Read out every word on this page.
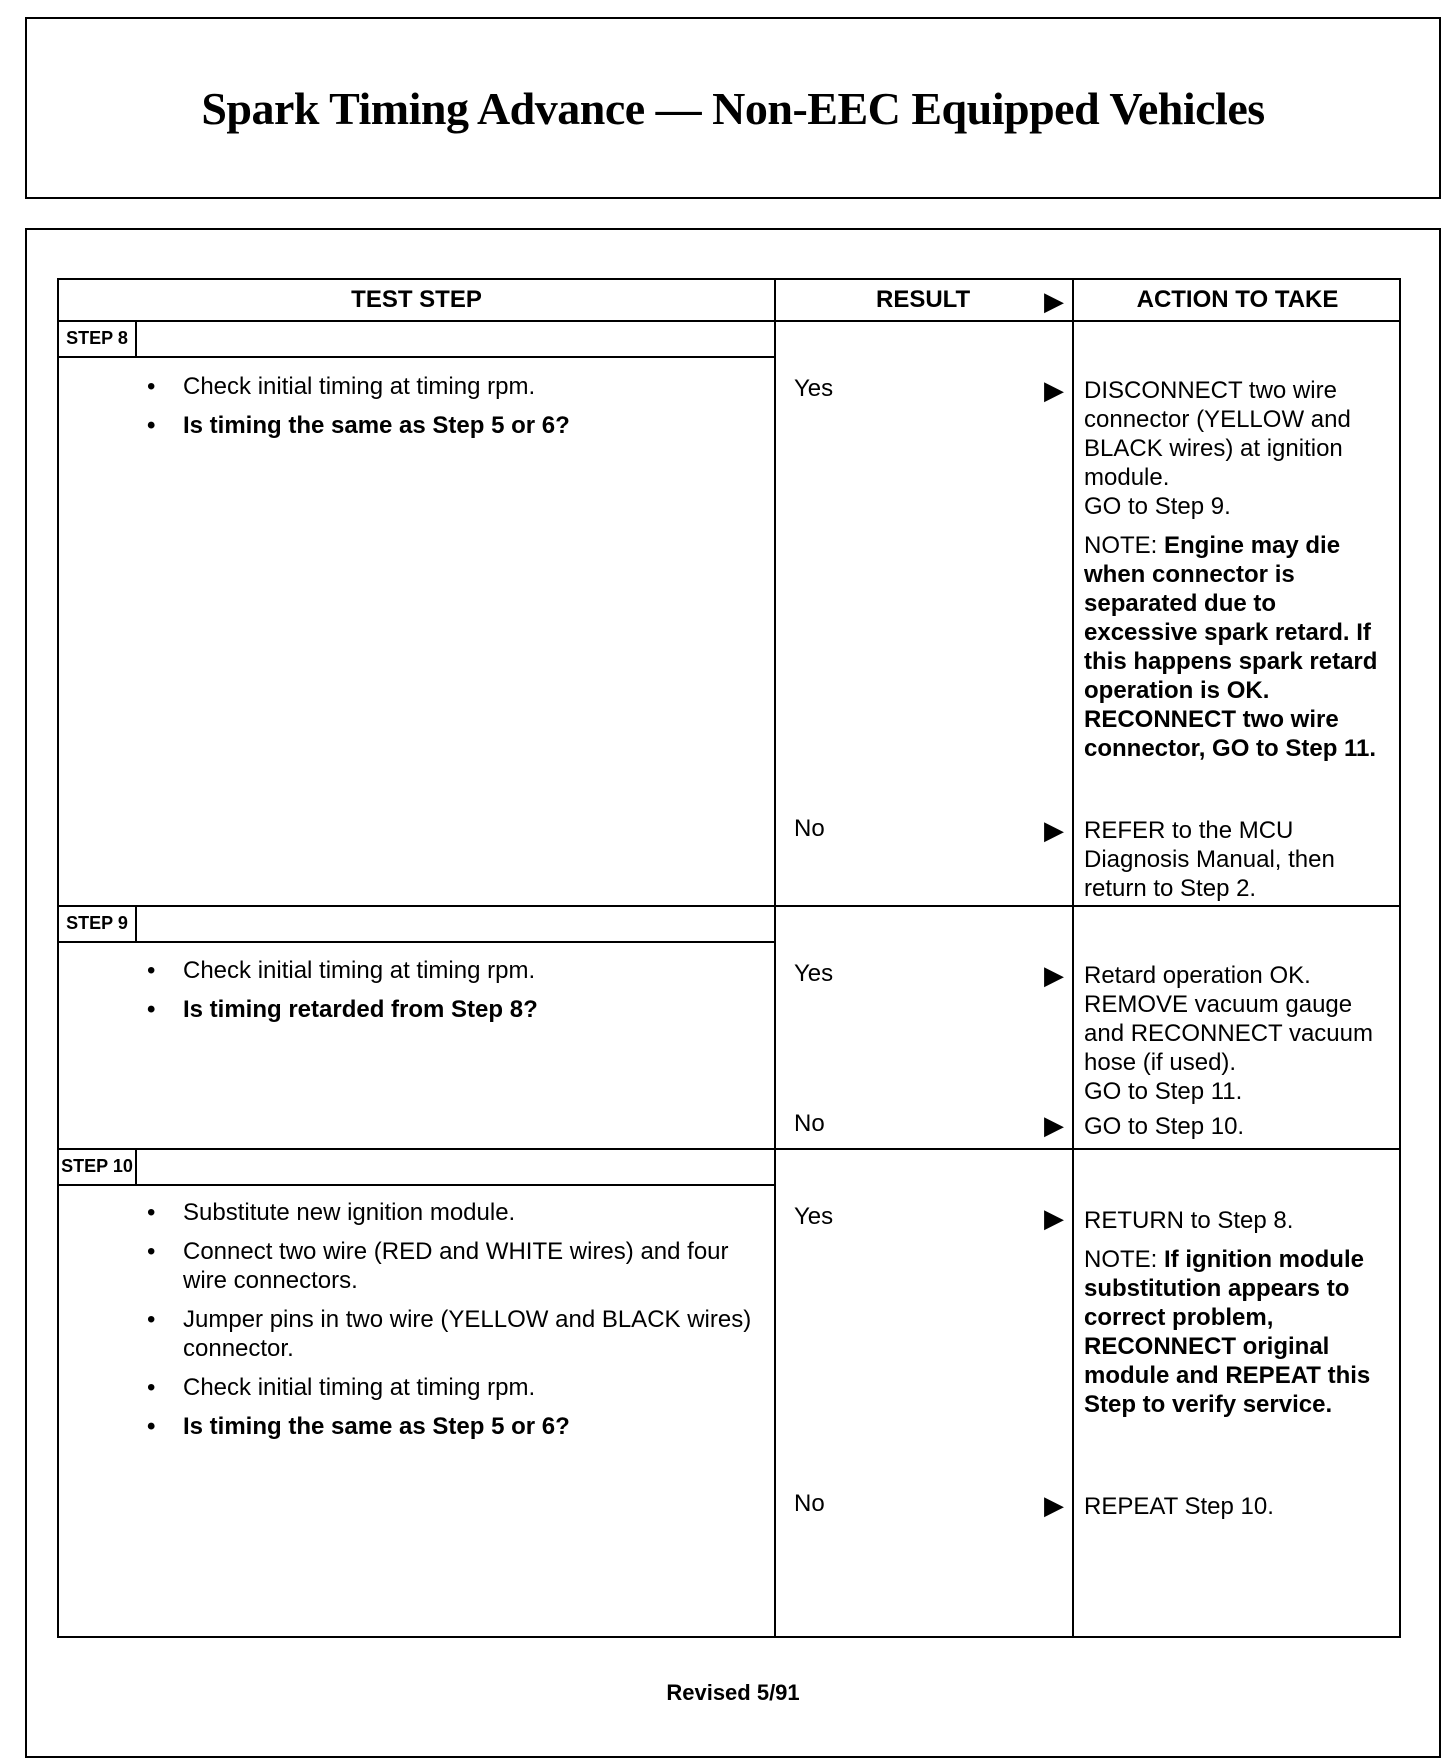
Spark Timing Advance — Non-EEC Equipped Vehicles
TEST STEP	RESULT	▶	ACTION TO TAKE
STEP 8
• Check initial timing at timing rpm.
• Is timing the same as Step 5 or 6?
Yes	▶ DISCONNECT two wire connector (YELLOW and BLACK wires) at ignition module.
GO to Step 9.

NOTE: Engine may die when connector is separated due to excessive spark retard. If this happens spark retard operation is OK. RECONNECT two wire connector, GO to Step 11.

No	▶ REFER to the MCU Diagnosis Manual, then return to Step 2.

STEP 9
• Check initial timing at timing rpm.
• Is timing retarded from Step 8?
Yes	▶ Retard operation OK. REMOVE vacuum gauge and RECONNECT vacuum hose (if used).
GO to Step 11.

No	▶ GO to Step 10.

STEP 10
• Substitute new ignition module.
• Connect two wire (RED and WHITE wires) and four wire connectors.
• Jumper pins in two wire (YELLOW and BLACK wires) connector.
• Check initial timing at timing rpm.
• Is timing the same as Step 5 or 6?
Yes	▶ RETURN to Step 8.

NOTE: If ignition module substitution appears to correct problem, RECONNECT original module and REPEAT this Step to verify service.

No	▶ REPEAT Step 10.

Revised 5/91
